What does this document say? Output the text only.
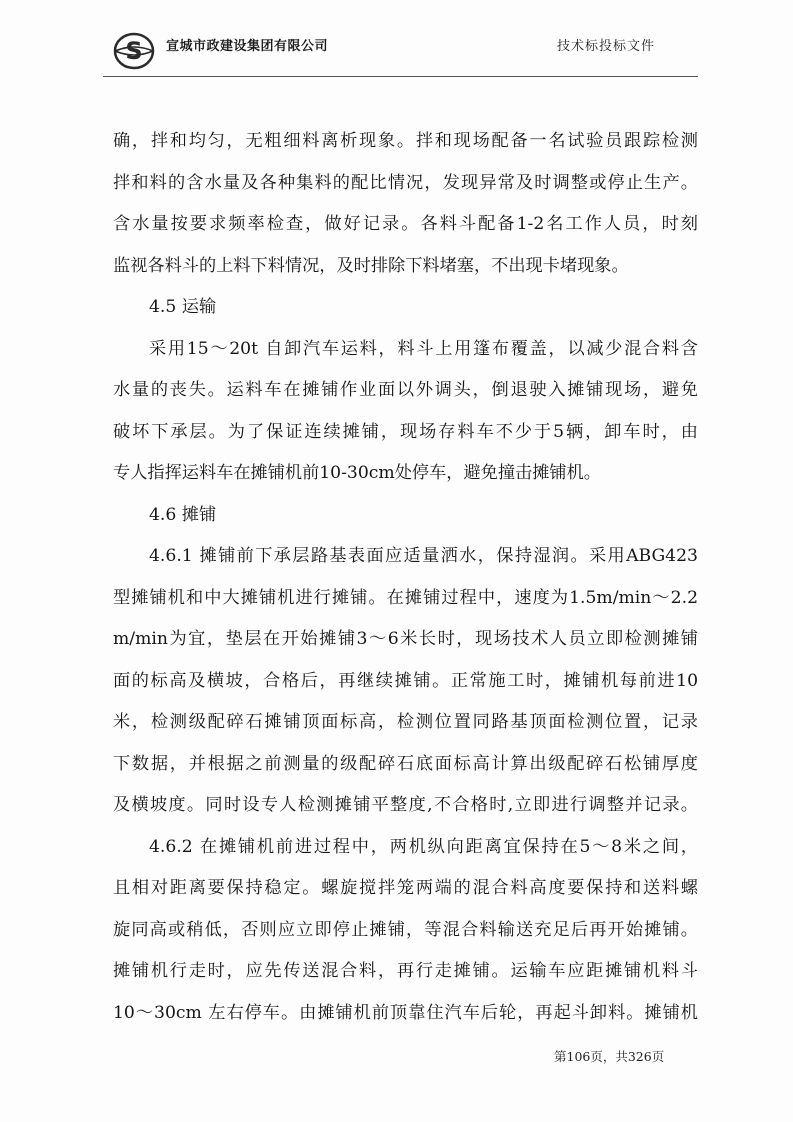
S 宣城市政建设集团有限公司	技术标投标文件
确，拌和均匀，无粗细料离析现象。拌和现场配备一名试验员跟踪检测
拌和料的含水量及各种集料的配比情况，发现异常及时调整或停止生产。
含水量按要求频率检查，做好记录。各料斗配备1-2名工作人员，时刻
监视各料斗的上料下料情况，及时排除下料堵塞，不出现卡堵现象。
4.5 运输
采用15～20t 自卸汽车运料，料斗上用篷布覆盖，以减少混合料含
水量的丧失。运料车在摊铺作业面以外调头，倒退驶入摊铺现场，避免
破坏下承层。为了保证连续摊铺，现场存料车不少于5辆，卸车时，由
专人指挥运料车在摊铺机前10-30cm处停车，避免撞击摊铺机。
4.6 摊铺
4.6.1 摊铺前下承层路基表面应适量洒水，保持湿润。采用ABG423
型摊铺机和中大摊铺机进行摊铺。在摊铺过程中，速度为1.5m/min～2.2
m/min为宜，垫层在开始摊铺3～6米长时，现场技术人员立即检测摊铺
面的标高及横坡，合格后，再继续摊铺。正常施工时，摊铺机每前进10
米，检测级配碎石摊铺顶面标高，检测位置同路基顶面检测位置，记录
下数据，并根据之前测量的级配碎石底面标高计算出级配碎石松铺厚度
及横坡度。同时设专人检测摊铺平整度,不合格时,立即进行调整并记录。
4.6.2 在摊铺机前进过程中，两机纵向距离宜保持在5～8米之间，
且相对距离要保持稳定。螺旋搅拌笼两端的混合料高度要保持和送料螺
旋同高或稍低，否则应立即停止摊铺，等混合料输送充足后再开始摊铺。
摊铺机行走时，应先传送混合料，再行走摊铺。运输车应距摊铺机料斗
10～30cm 左右停车。由摊铺机前顶靠住汽车后轮，再起斗卸料。摊铺机
第106页，共326页
